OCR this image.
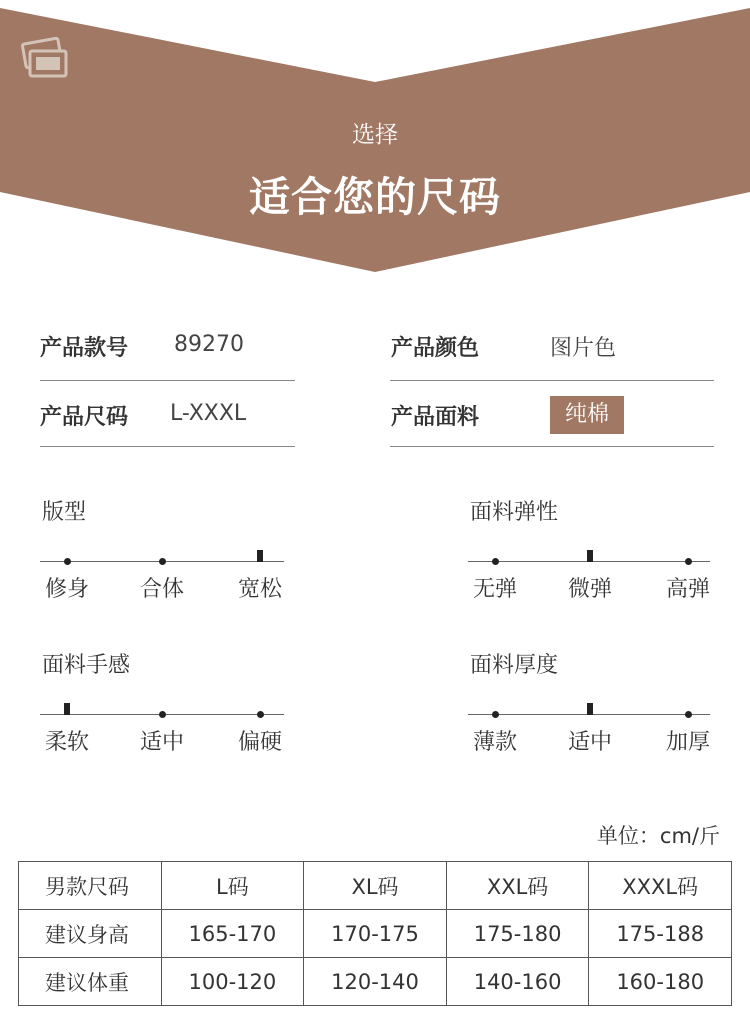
选择
适合您的尺码
产品款号 89270	产品颜色	图片色
产品尺码 L-XXXL	产品面料	纯棉
版型
修身	合体	宽松
面料弹性
无弹	微弹	高弹
面料手感
柔软	适中	偏硬
面料厚度
薄款	适中	加厚
单位：cm/斤
男款尺码	L码	XL码	XXL码	XXXL码
建议身高	165-170	170-175	175-180	175-188
建议体重	100-120	120-140	140-160	160-180
